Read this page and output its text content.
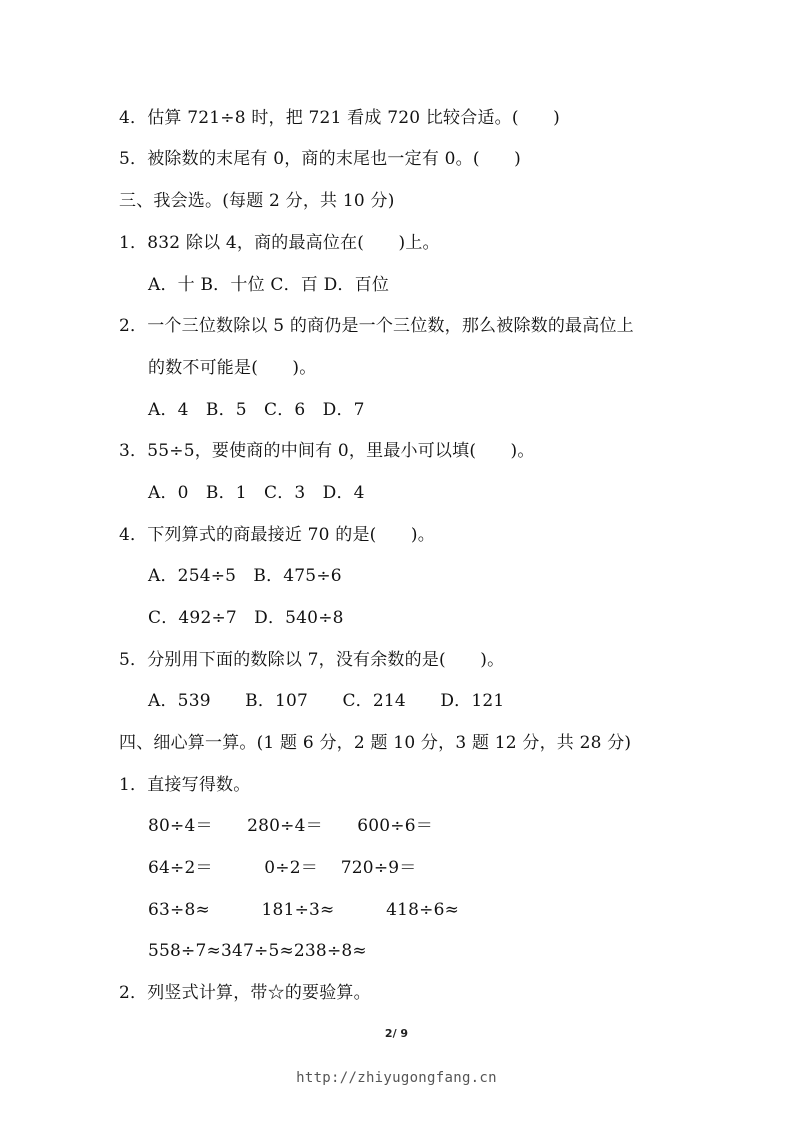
4．估算 721÷8 时，把 721 看成 720 比较合适。(　　)
5．被除数的末尾有 0，商的末尾也一定有 0。(　　)
三、我会选。(每题 2 分，共 10 分)
1．832 除以 4，商的最高位在(　　)上。
A．十 B．十位 C．百 D．百位
2．一个三位数除以 5 的商仍是一个三位数，那么被除数的最高位上
的数不可能是(　　)。
A．4　B．5　C．6　D．7
3．55÷5，要使商的中间有 0，里最小可以填(　　)。
A．0　B．1　C．3　D．4
4．下列算式的商最接近 70 的是(　　)。
A．254÷5　B．475÷6
C．492÷7　D．540÷8
5．分别用下面的数除以 7，没有余数的是(　　)。
A．539　　B．107　　C．214　　D．121
四、细心算一算。(1 题 6 分，2 题 10 分，3 题 12 分，共 28 分)
1．直接写得数。
80÷4＝　　280÷4＝　　600÷6＝
64÷2＝　　　0÷2＝　 720÷9＝
63÷8≈　　　181÷3≈　　　418÷6≈
558÷7≈347÷5≈238÷8≈
2．列竖式计算，带☆的要验算。
2/ 9
http://zhiyugongfang.cn
